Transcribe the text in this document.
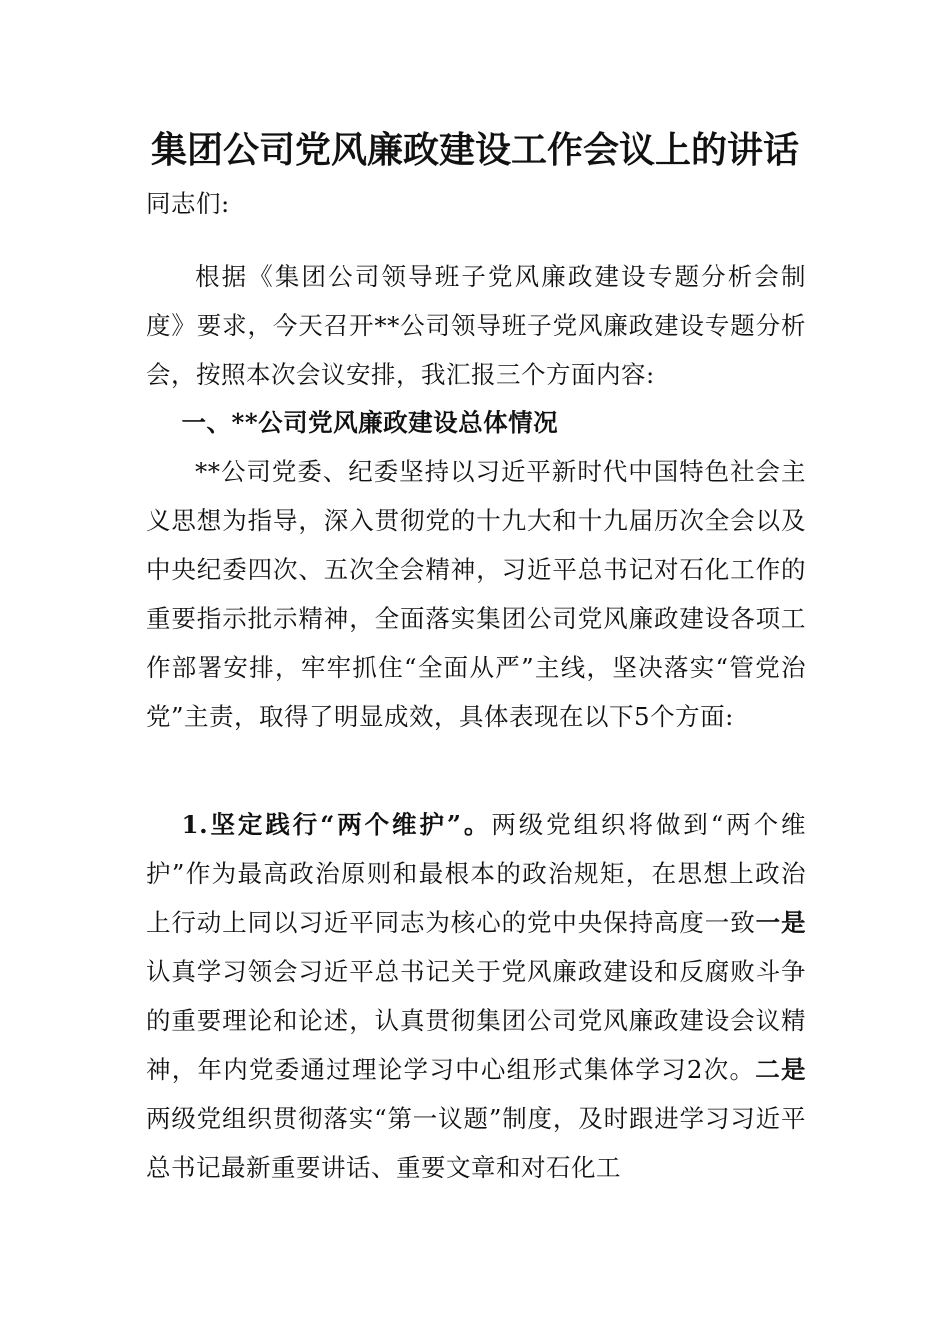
集团公司党风廉政建设工作会议上的讲话
同志们:
根据《集团公司领导班子党风廉政建设专题分析会制度》要求，今天召开**公司领导班子党风廉政建设专题分析会，按照本次会议安排，我汇报三个方面内容:
一、**公司党风廉政建设总体情况
**公司党委、纪委坚持以习近平新时代中国特色社会主义思想为指导，深入贯彻党的十九大和十九届历次全会以及中央纪委四次、五次全会精神，习近平总书记对石化工作的重要指示批示精神，全面落实集团公司党风廉政建设各项工作部署安排，牢牢抓住“全面从严”主线，坚决落实“管党治党”主责，取得了明显成效，具体表现在以下5个方面:
1.坚定践行“两个维护”。两级党组织将做到“两个维护”作为最高政治原则和最根本的政治规矩，在思想上政治上行动上同以习近平同志为核心的党中央保持高度一致一是认真学习领会习近平总书记关于党风廉政建设和反腐败斗争的重要理论和论述，认真贯彻集团公司党风廉政建设会议精神，年内党委通过理论学习中心组形式集体学习2次。二是两级党组织贯彻落实“第一议题”制度，及时跟进学习习近平总书记最新重要讲话、重要文章和对石化工
